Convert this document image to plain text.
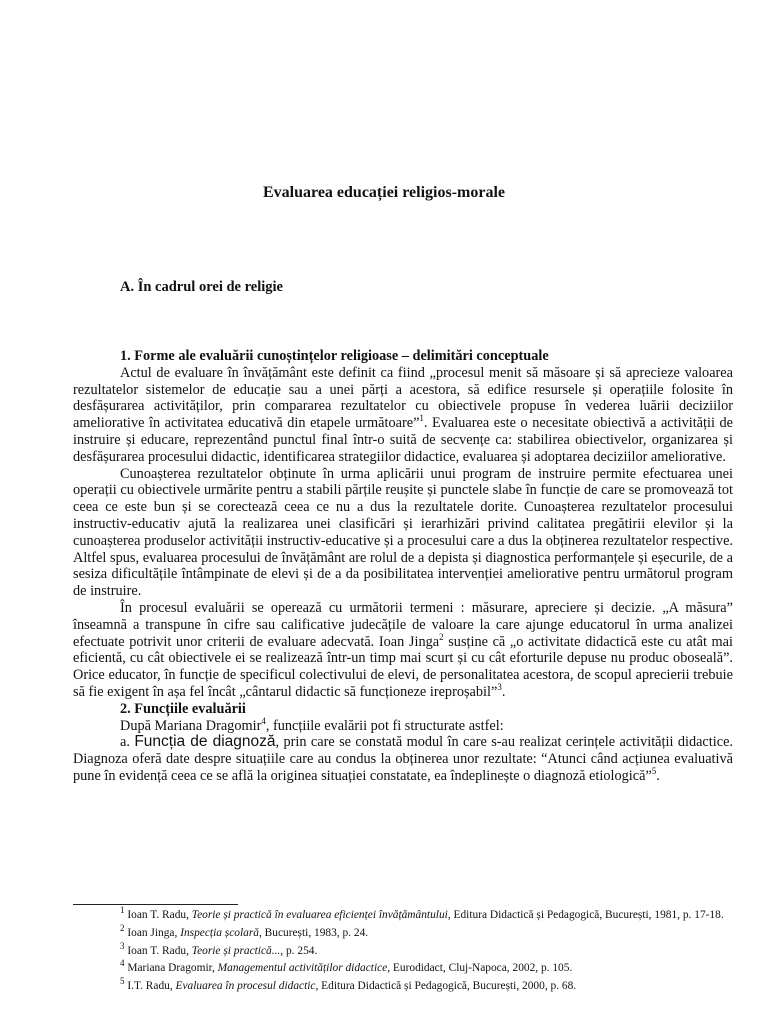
Evaluarea educației religios-morale
A. În cadrul orei de religie

1. Forme ale evaluării cunoștințelor religioase – delimitări conceptuale

Actul de evaluare în învățământ este definit ca fiind „procesul menit să măsoare și să aprecieze valoarea rezultatelor sistemelor de educație sau a unei părți a acestora, să edifice resursele și operațiile folosite în desfășurarea activităților, prin compararea rezultatelor cu obiectivele propuse în vederea luării deciziilor ameliorative în activitatea educativă din etapele următoare”$^1$. Evaluarea este o necesitate obiectivă a activității de instruire și educare, reprezentând punctul final într-o suită de secvențe ca: stabilirea obiectivelor, organizarea și desfășurarea procesului didactic, identificarea strategiilor didactice, evaluarea și adoptarea deciziilor ameliorative.

Cunoașterea rezultatelor obținute în urma aplicării unui program de instruire permite efectuarea unei operații cu obiectivele urmărite pentru a stabili părțile reușite și punctele slabe în funcție de care se promovează tot ceea ce este bun și se corectează ceea ce nu a dus la rezultatele dorite. Cunoașterea rezultatelor procesului instructiv-educativ ajută la realizarea unei clasificări și ierarhizări privind calitatea pregătirii elevilor și la cunoașterea produselor activității instructiv-educative și a procesului care a dus la obținerea rezultatelor respective. Altfel spus, evaluarea procesului de învățământ are rolul de a depista și diagnostica performanțele și eșecurile, de a sesiza dificultățile întâmpinate de elevi și de a da posibilitatea intervenției ameliorative pentru următorul program de instruire.

În procesul evaluării se operează cu următorii termeni : măsurare, apreciere și decizie. „A măsura” înseamnă a transpune în cifre sau calificative judecățile de valoare la care ajunge educatorul în urma analizei efectuate potrivit unor criterii de evaluare adecvată. Ioan Jinga$^2$ susține că „o activitate didactică este cu atât mai eficientă, cu cât obiectivele ei se realizează într-un timp mai scurt și cu cât eforturile depuse nu produc oboseală”. Orice educator, în funcție de specificul colectivului de elevi, de personalitatea acestora, de scopul aprecierii trebuie să fie exigent în așa fel încât „cântarul didactic să funcționeze ireproșabil”$^3$.

2. Funcțiile evaluării

După Mariana Dragomir$^4$, funcțiile evalării pot fi structurate astfel:

a. Funcția de diagnoză, prin care se constată modul în care s-au realizat cerințele activității didactice. Diagnoza oferă date despre situațiile care au condus la obținerea unor rezultate: “Atunci când acțiunea evaluativă pune în evidență ceea ce se află la originea situației constatate, ea îndeplinește o diagnoză etiologică”$^5$.

$^1$ Ioan T. Radu, Teorie și practică în evaluarea eficienței învățământului, Editura Didactică și Pedagogică, București, 1981, p. 17-18.

$^2$ Ioan Jinga, Inspecția școlară, București, 1983, p. 24.

$^3$ Ioan T. Radu, Teorie și practică..., p. 254.

$^4$ Mariana Dragomir, Managementul activităților didactice, Eurodidact, Cluj-Napoca, 2002, p. 105.

$^5$ I.T. Radu, Evaluarea în procesul didactic, Editura Didactică și Pedagogică, București, 2000, p. 68.
